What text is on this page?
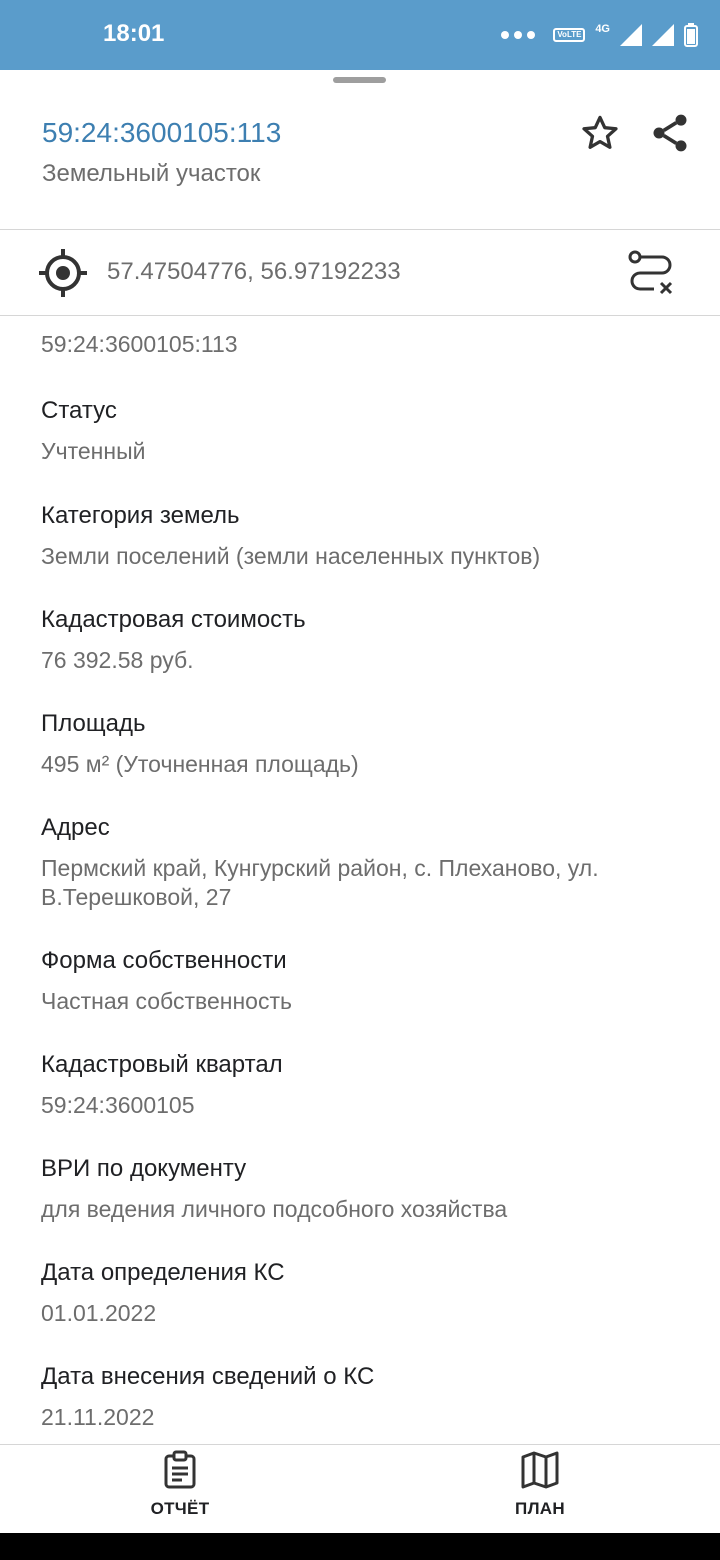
18:01	VoLTE	4G
59:24:3600105:113
Земельный участок
57.47504776, 56.97192233
59:24:3600105:113
Статус
Учтенный
Категория земель
Земли поселений (земли населенных пунктов)
Кадастровая стоимость
76 392.58 руб.
Площадь
495 м² (Уточненная площадь)
Адрес
Пермский край, Кунгурский район, с. Плеханово, ул. В.Терешковой, 27
Форма собственности
Частная собственность
Кадастровый квартал
59:24:3600105
ВРИ по документу
для ведения личного подсобного хозяйства
Дата определения КС
01.01.2022
Дата внесения сведений о КС
21.11.2022
ОТЧЁТ	ПЛАН
